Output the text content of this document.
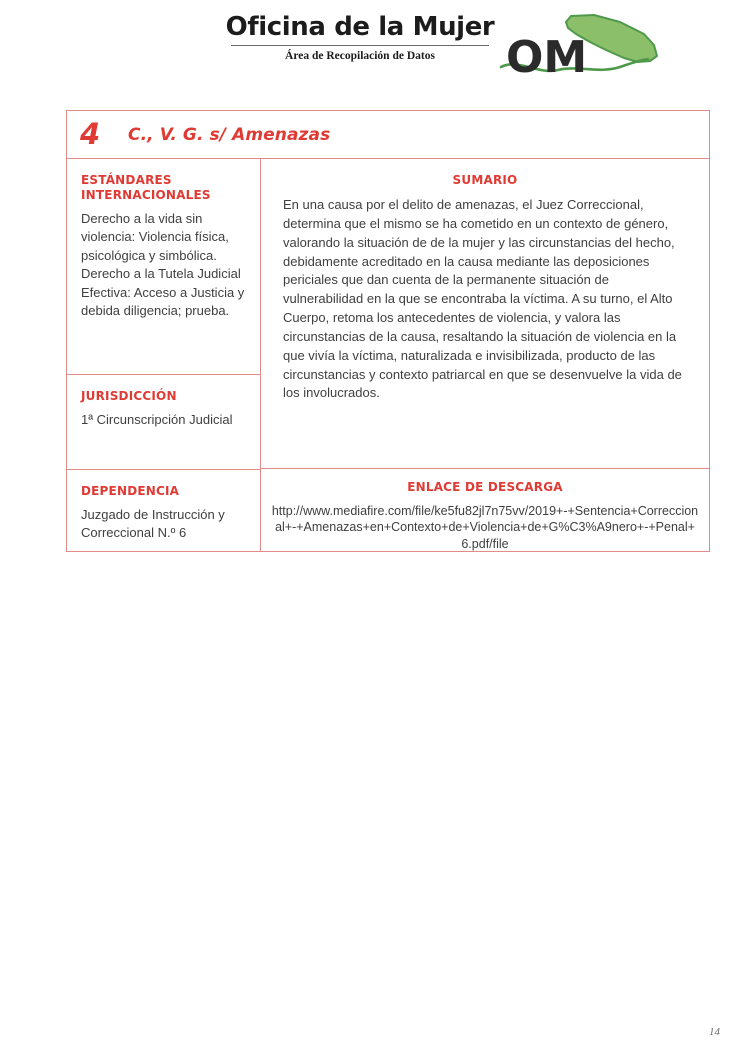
Oficina de la Mujer
Área de Recopilación de Datos	OM
4	C., V. G. s/ Amenazas
ESTÁNDARES INTERNACIONALES
Derecho a la vida sin violencia: Violencia física, psicológica y simbólica. Derecho a la Tutela Judicial Efectiva: Acceso a Justicia y debida diligencia; prueba.
JURISDICCIÓN
1ª Circunscripción Judicial
DEPENDENCIA
Juzgado de Instrucción y Correccional N.º 6
SUMARIO
En una causa por el delito de amenazas, el Juez Correccional, determina que el mismo se ha cometido en un contexto de género, valorando la situación de de la mujer y las circunstancias del hecho, debidamente acreditado en la causa mediante las deposiciones periciales que dan cuenta de la permanente situación de vulnerabilidad en la que se encontraba la víctima. A su turno, el Alto Cuerpo, retoma los antecedentes de violencia, y valora las circunstancias de la causa, resaltando la situación de violencia en la que vivía la víctima, naturalizada e invisibilizada, producto de las circunstancias y contexto patriarcal en que se desenvuelve la vida de los involucrados.
ENLACE DE DESCARGA
http://www.mediafire.com/file/ke5fu82jl7n75vv/2019+-+Sentencia+Correccional+-+Amenazas+en+Contexto+de+Violencia+de+G%C3%A9nero+-+Penal+6.pdf/file
14
